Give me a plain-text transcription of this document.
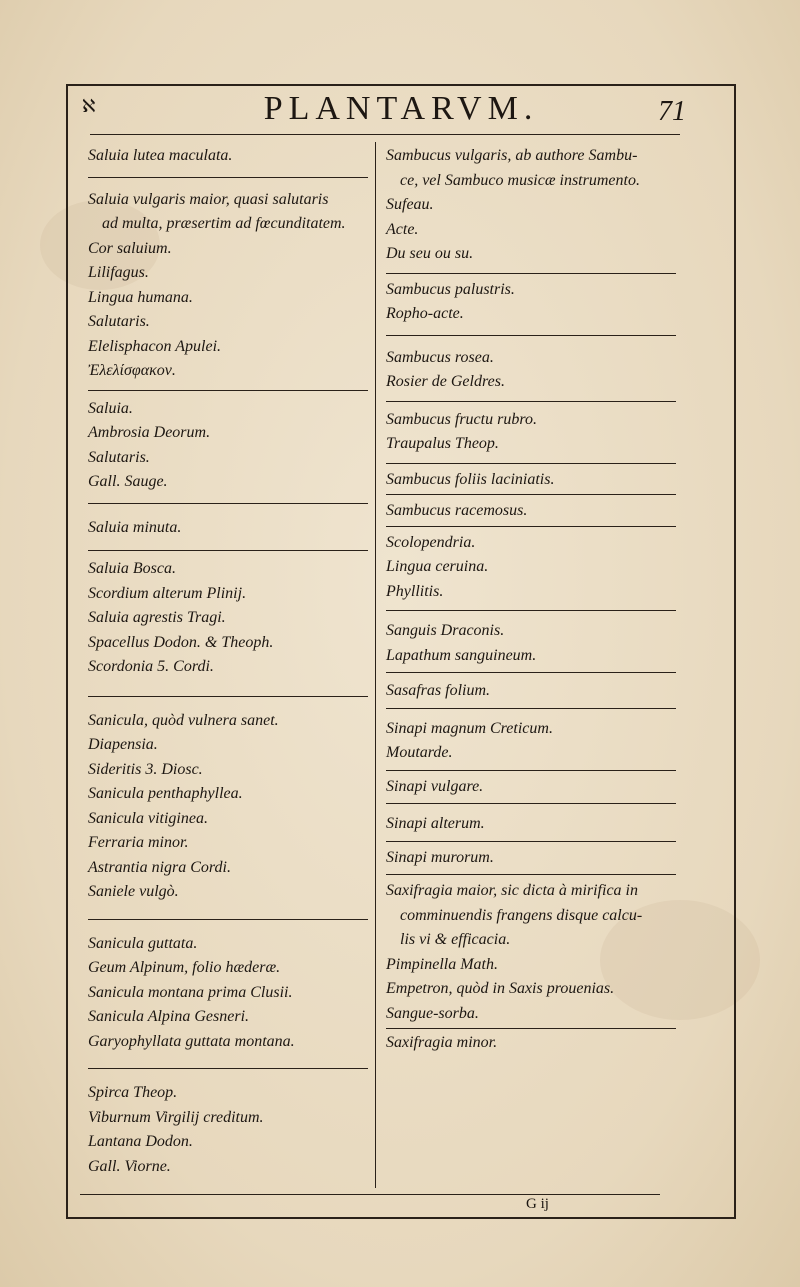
ℵ	PLANTARVM.	71
Saluia lutea maculata.
Saluia vulgaris maior, quasi salutaris
ad multa, præsertim ad fœcunditatem.
Cor saluium.
Lilifagus.
Lingua humana.
Salutaris.
Elelisphacon Apulei.
Ἐλελίσφακον.
Saluia.
Ambrosia Deorum.
Salutaris.
Gall. Sauge.
Saluia minuta.
Saluia Bosca.
Scordium alterum Plinij.
Saluia agrestis Tragi.
Spacellus Dodon. & Theoph.
Scordonia 5. Cordi.
Sanicula, quòd vulnera sanet.
Diapensia.
Sideritis 3. Diosc.
Sanicula penthaphyllea.
Sanicula vitiginea.
Ferraria minor.
Astrantia nigra Cordi.
Saniele vulgò.
Sanicula guttata.
Geum Alpinum, folio hæderæ.
Sanicula montana prima Clusii.
Sanicula Alpina Gesneri.
Garyophyllata guttata montana.
Spirca Theop.
Viburnum Virgilij creditum.
Lantana Dodon.
Gall. Viorne.
Sambucus vulgaris, ab authore Sambu-
ce, vel Sambuco musicæ instrumento.
Sufeau.
Acte.
Du seu ou su.
Sambucus palustris.
Ropho-acte.
Sambucus rosea.
Rosier de Geldres.
Sambucus fructu rubro.
Traupalus Theop.
Sambucus foliis laciniatis.
Sambucus racemosus.
Scolopendria.
Lingua ceruina.
Phyllitis.
Sanguis Draconis.
Lapathum sanguineum.
Sasafras folium.
Sinapi magnum Creticum.
Moutarde.
Sinapi vulgare.
Sinapi alterum.
Sinapi murorum.
Saxifragia maior, sic dicta à mirifica in
comminuendis frangens disque calcu-
lis vi & efficacia.
Pimpinella Math.
Empetron, quòd in Saxis prouenias.
Sangue-sorba.
Saxifragia minor.
G ij
